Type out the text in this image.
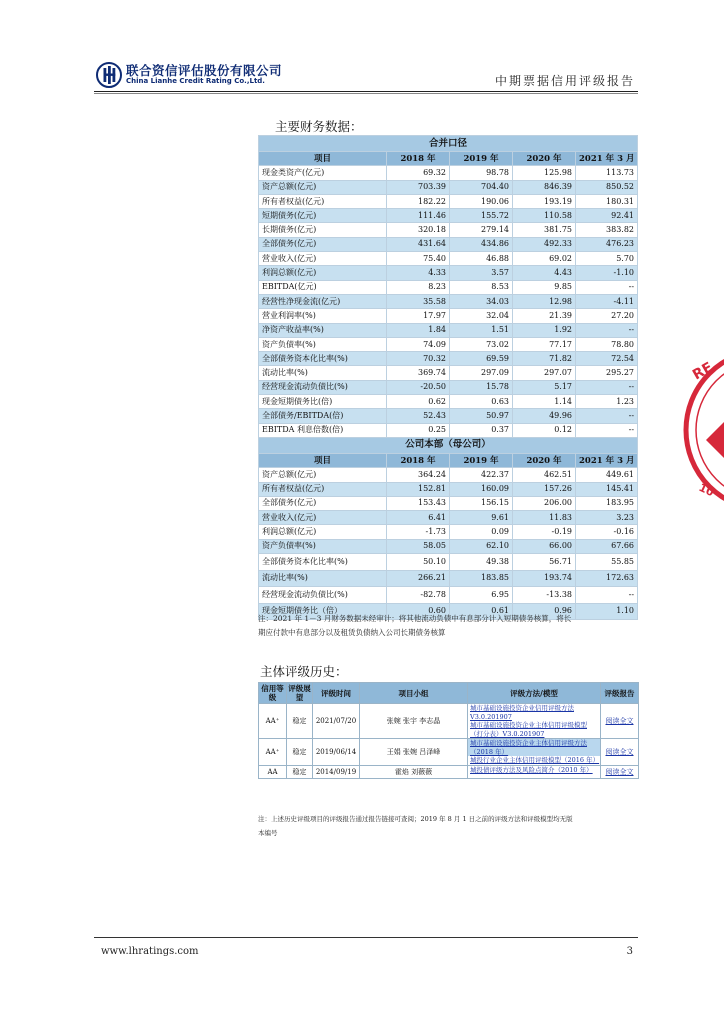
联合资信评估股份有限公司
China Lianhe Credit Rating Co.,Ltd.	中期票据信用评级报告
主要财务数据：
合并口径				
项目	2018 年	2019 年	2020 年	2021 年 3 月
现金类资产(亿元)	69.32	98.78	125.98	113.73
资产总额(亿元)	703.39	704.40	846.39	850.52
所有者权益(亿元)	182.22	190.06	193.19	180.31
短期债务(亿元)	111.46	155.72	110.58	92.41
长期债务(亿元)	320.18	279.14	381.75	383.82
全部债务(亿元)	431.64	434.86	492.33	476.23
营业收入(亿元)	75.40	46.88	69.02	5.70
利润总额(亿元)	4.33	3.57	4.43	-1.10
EBITDA(亿元)	8.23	8.53	9.85	--
经营性净现金流(亿元)	35.58	34.03	12.98	-4.11
营业利润率(%)	17.97	32.04	21.39	27.20
净资产收益率(%)	1.84	1.51	1.92	--
资产负债率(%)	74.09	73.02	77.17	78.80
全部债务资本化比率(%)	70.32	69.59	71.82	72.54
流动比率(%)	369.74	297.09	297.07	295.27
经营现金流动负债比(%)	-20.50	15.78	5.17	--
现金短期债务比(倍)	0.62	0.63	1.14	1.23
全部债务/EBITDA(倍)	52.43	50.97	49.96	--
EBITDA 利息倍数(倍)	0.25	0.37	0.12	--
公司本部（母公司）				
项目	2018 年	2019 年	2020 年	2021 年 3 月
资产总额(亿元)	364.24	422.37	462.51	449.61
所有者权益(亿元)	152.81	160.09	157.26	145.41
全部债务(亿元)	153.43	156.15	206.00	183.95
营业收入(亿元)	6.41	9.61	11.83	3.23
利润总额(亿元)	-1.73	0.09	-0.19	-0.16
资产负债率(%)	58.05	62.10	66.00	67.66
全部债务资本化比率(%)	50.10	49.38	56.71	55.85
流动比率(%)	266.21	183.85	193.74	172.63
经营现金流动负债比(%)	-82.78	6.95	-13.38	--
现金短期债务比（倍）	0.60	0.61	0.96	1.10
注：2021 年 1－3 月财务数据未经审计；将其他流动负债中有息部分计入短期债务核算，将长
期应付款中有息部分以及租赁负债纳入公司长期债务核算
主体评级历史：
信用等级	评级展望	评级时间	项目小组	评级方法/模型	评级报告
AA⁺	稳定	2021/07/20	张婉 张宇 李志晶	城市基础设施投资企业信用评级方法 V3.0.201907
城市基础设施投资企业主体信用评级模型（打分表）V3.0.201907	阅读全文
AA⁺	稳定	2019/06/14	王娟 张婉 吕泽峰	城市基础设施投资企业主体信用评级方法（2018 年）
城投行业企业主体信用评级模型（2016 年）	阅读全文
AA	稳定	2014/09/19	霍焰 刘薇薇	城投债评级方法及风险点简介（2010 年）	阅读全文
注：上述历史评级项目的评级报告通过报告链接可查阅；2019 年 8 月 1 日之前的评级方法和评级模型均无版
本编号
RE
10
www.lhratings.com	3
